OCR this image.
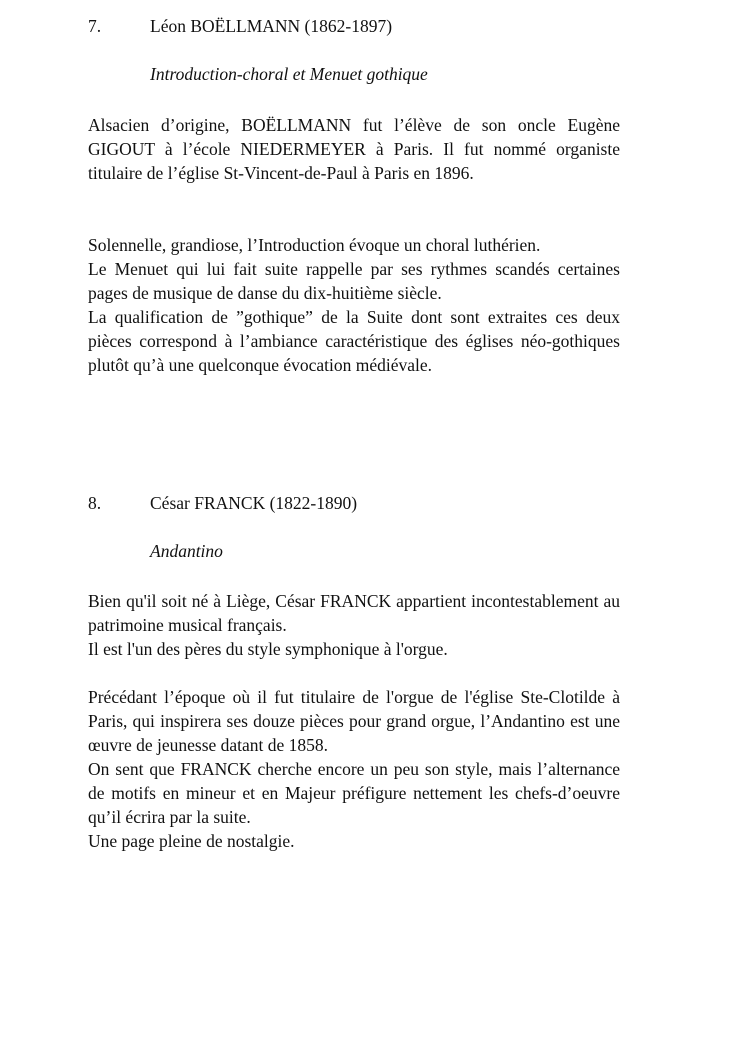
7.	Léon BOËLLMANN (1862-1897)
Introduction-choral et Menuet gothique

Alsacien d’origine, BOËLLMANN fut l’élève de son oncle Eugène GIGOUT à l’école NIEDERMEYER à Paris. Il fut nommé organiste titulaire de l’église St-Vincent-de-Paul à Paris en 1896.

Solennelle, grandiose, l’Introduction évoque un choral luthérien.

Le Menuet qui lui fait suite rappelle par ses rythmes scandés certaines pages de musique de danse du dix-huitième siècle.

La qualification de ”gothique” de la Suite dont sont extraites ces deux pièces correspond à l’ambiance caractéristique des églises néo-gothiques plutôt qu’à une quelconque évocation médiévale.

8.	César FRANCK (1822-1890)
Andantino

Bien qu'il soit né à Liège, César FRANCK appartient incontestablement au patrimoine musical français.

Il est l'un des pères du style symphonique à l'orgue.

Précédant l’époque où il fut titulaire de l'orgue de l'église Ste-Clotilde à Paris, qui inspirera ses douze pièces pour grand orgue, l’Andantino est une œuvre de jeunesse datant de 1858.

On sent que FRANCK cherche encore un peu son style, mais l’alternance de motifs en mineur et en Majeur préfigure nettement les chefs-d’oeuvre qu’il écrira par la suite.

Une page pleine de nostalgie.
